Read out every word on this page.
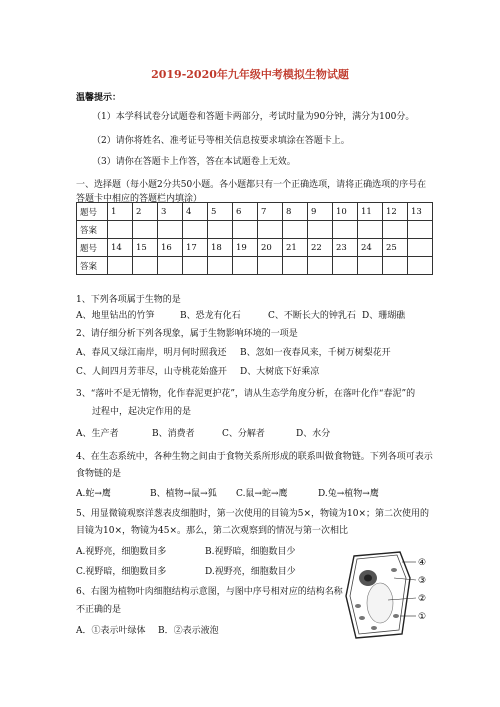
2019-2020年九年级中考模拟生物试题
温馨提示：
（1）本学科试卷分试题卷和答题卡两部分，考试时量为90分钟，满分为100分。
（2）请你将姓名、准考证号等相关信息按要求填涂在答题卡上。
（3）请你在答题卡上作答，答在本试题卷上无效。
一、选择题（每小题2分共50小题。各小题都只有一个正确选项，请将正确选项的序号在
答题卡中相应的答题栏内填涂）
题号	1	2	3	4	5	6	7	8	9	10	11	12	13
答案													
题号	14	15	16	17	18	19	20	21	22	23	24	25	
答案													
1、下列各项属于生物的是
A、地里钻出的竹笋	B、恐龙有化石	C、不断长大的钟乳石 D、珊瑚礁
2、请仔细分析下列各现象，属于生物影响环境的一项是
A、春风又绿江南岸，明月何时照我还 B、忽如一夜春风来，千树万树梨花开
C、人间四月芳菲尽，山寺桃花始盛开 D、大树底下好乘凉
3、“落叶不是无情物，化作春泥更护花”，请从生态学角度分析，在落叶化作“春泥”的
过程中，起决定作用的是
A、生产者	B、消费者	C、分解者	D、水分
4、在生态系统中，各种生物之间由于食物关系所形成的联系叫做食物链。下列各项可表示
食物链的是
A.蛇→鹰	B、植物→鼠→狐 C.鼠→蛇→鹰	D.兔→植物→鹰
5、用显微镜观察洋葱表皮细胞时，第一次使用的目镜为5×，物镜为10×；第二次使用的
目镜为10×，物镜为45×。那么，第二次观察到的情况与第一次相比
A.视野亮，细胞数目多	B.视野暗，细胞数目少
C.视野暗，细胞数目多	D.视野亮，细胞数目少
6、右图为植物叶肉细胞结构示意图，与图中序号相对应的结构名称
不正确的是
A．①表示叶绿体 B．②表示液泡
④
③
②
①
